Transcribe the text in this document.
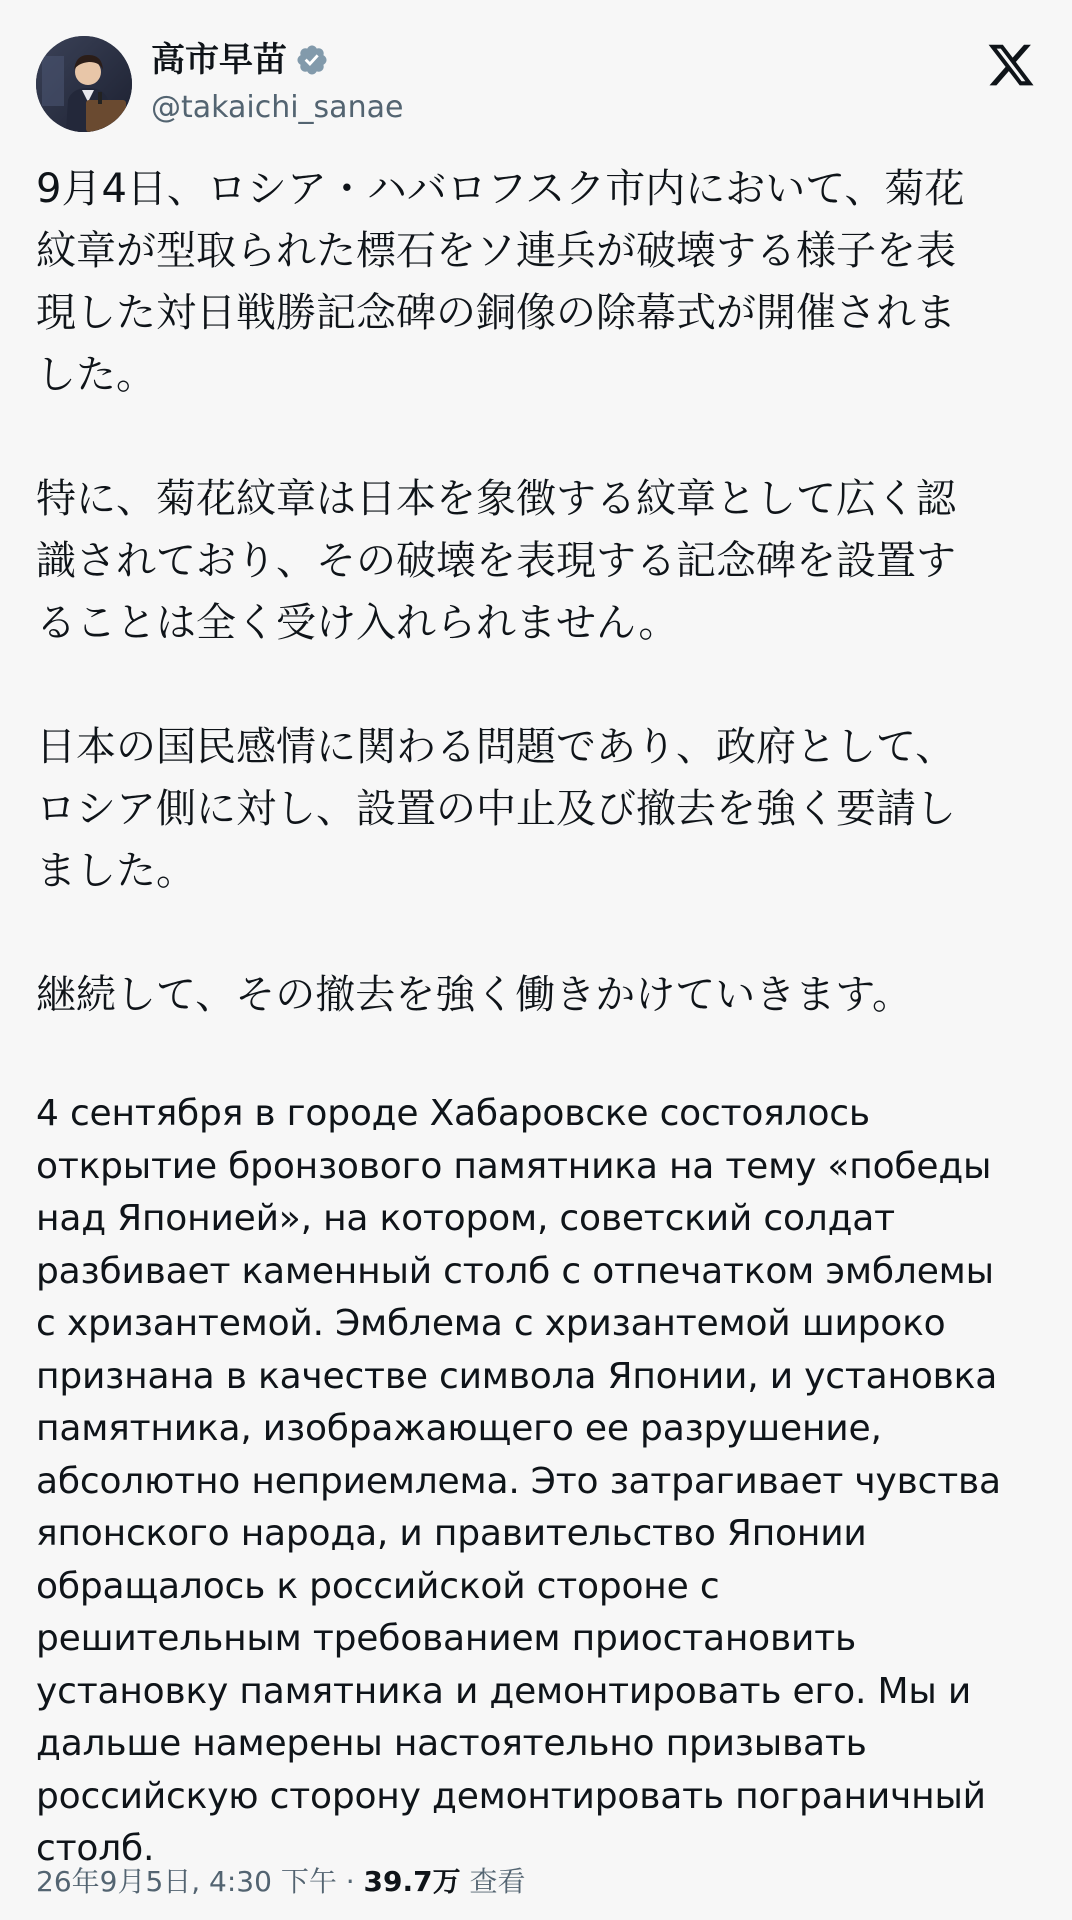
高市早苗
@takaichi_sanae

9月4日、ロシア・ハバロフスク市内において、菊花
紋章が型取られた標石をソ連兵が破壊する様子を表
現した対日戦勝記念碑の銅像の除幕式が開催されま
した。

特に、菊花紋章は日本を象徴する紋章として広く認
識されており、その破壊を表現する記念碑を設置す
ることは全く受け入れられません。

日本の国民感情に関わる問題であり、政府として、
ロシア側に対し、設置の中止及び撤去を強く要請し
ました。

継続して、その撤去を強く働きかけていきます。

4 сентября в городе Хабаровске состоялось
открытие бронзового памятника на тему «победы
над Японией», на котором, советский солдат
разбивает каменный столб с отпечатком эмблемы
с хризантемой. Эмблема с хризантемой широко
признана в качестве символа Японии, и установка
памятника, изображающего ее разрушение,
абсолютно неприемлема. Это затрагивает чувства
японского народа, и правительство Японии
обращалось к российской стороне с
решительным требованием приостановить
установку памятника и демонтировать его. Мы и
дальше намерены настоятельно призывать
российскую сторону демонтировать пограничный
столб.

26年9月5日, 4:30 下午 · 39.7万 查看
